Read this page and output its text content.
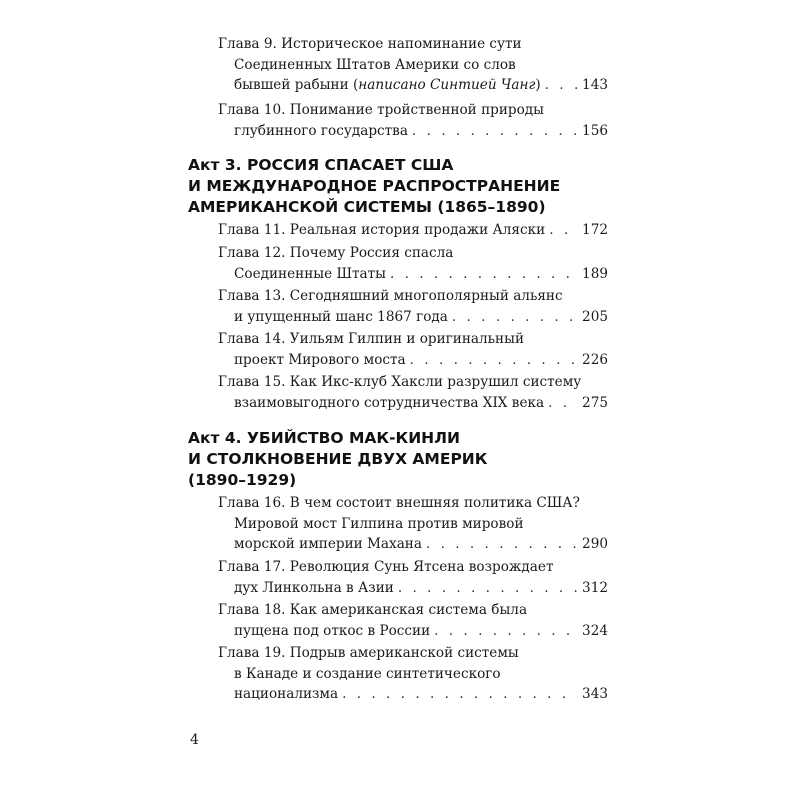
Глава 9. Историческое напоминание сути
Соединенных Штатов Америки со слов
бывшей рабыни (написано Синтией Чанг) . . .	143
Глава 10. Понимание тройственной природы
глубинного государства . . .	156
Акт 3. РОССИЯ СПАСАЕТ США
И МЕЖДУНАРОДНОЕ РАСПРОСТРАНЕНИЕ
АМЕРИКАНСКОЙ СИСТЕМЫ (1865–1890)
Глава 11. Реальная история продажи Аляски . . .	172
Глава 12. Почему Россия спасла
Соединенные Штаты . . .	189
Глава 13. Сегодняшний многополярный альянс
и упущенный шанс 1867 года . . .	205
Глава 14. Уильям Гилпин и оригинальный
проект Мирового моста . . .	226
Глава 15. Как Икс-клуб Хаксли разрушил систему
взаимовыгодного сотрудничества XIX века . . .	275
Акт 4. УБИЙСТВО МАК-КИНЛИ
И СТОЛКНОВЕНИЕ ДВУХ АМЕРИК
(1890–1929)
Глава 16. В чем состоит внешняя политика США?
Мировой мост Гилпина против мировой
морской империи Махана . . .	290
Глава 17. Революция Сунь Ятсена возрождает
дух Линкольна в Азии . . .	312
Глава 18. Как американская система была
пущена под откос в России . . .	324
Глава 19. Подрыв американской системы
в Канаде и создание синтетического
национализма . . .	343
4
